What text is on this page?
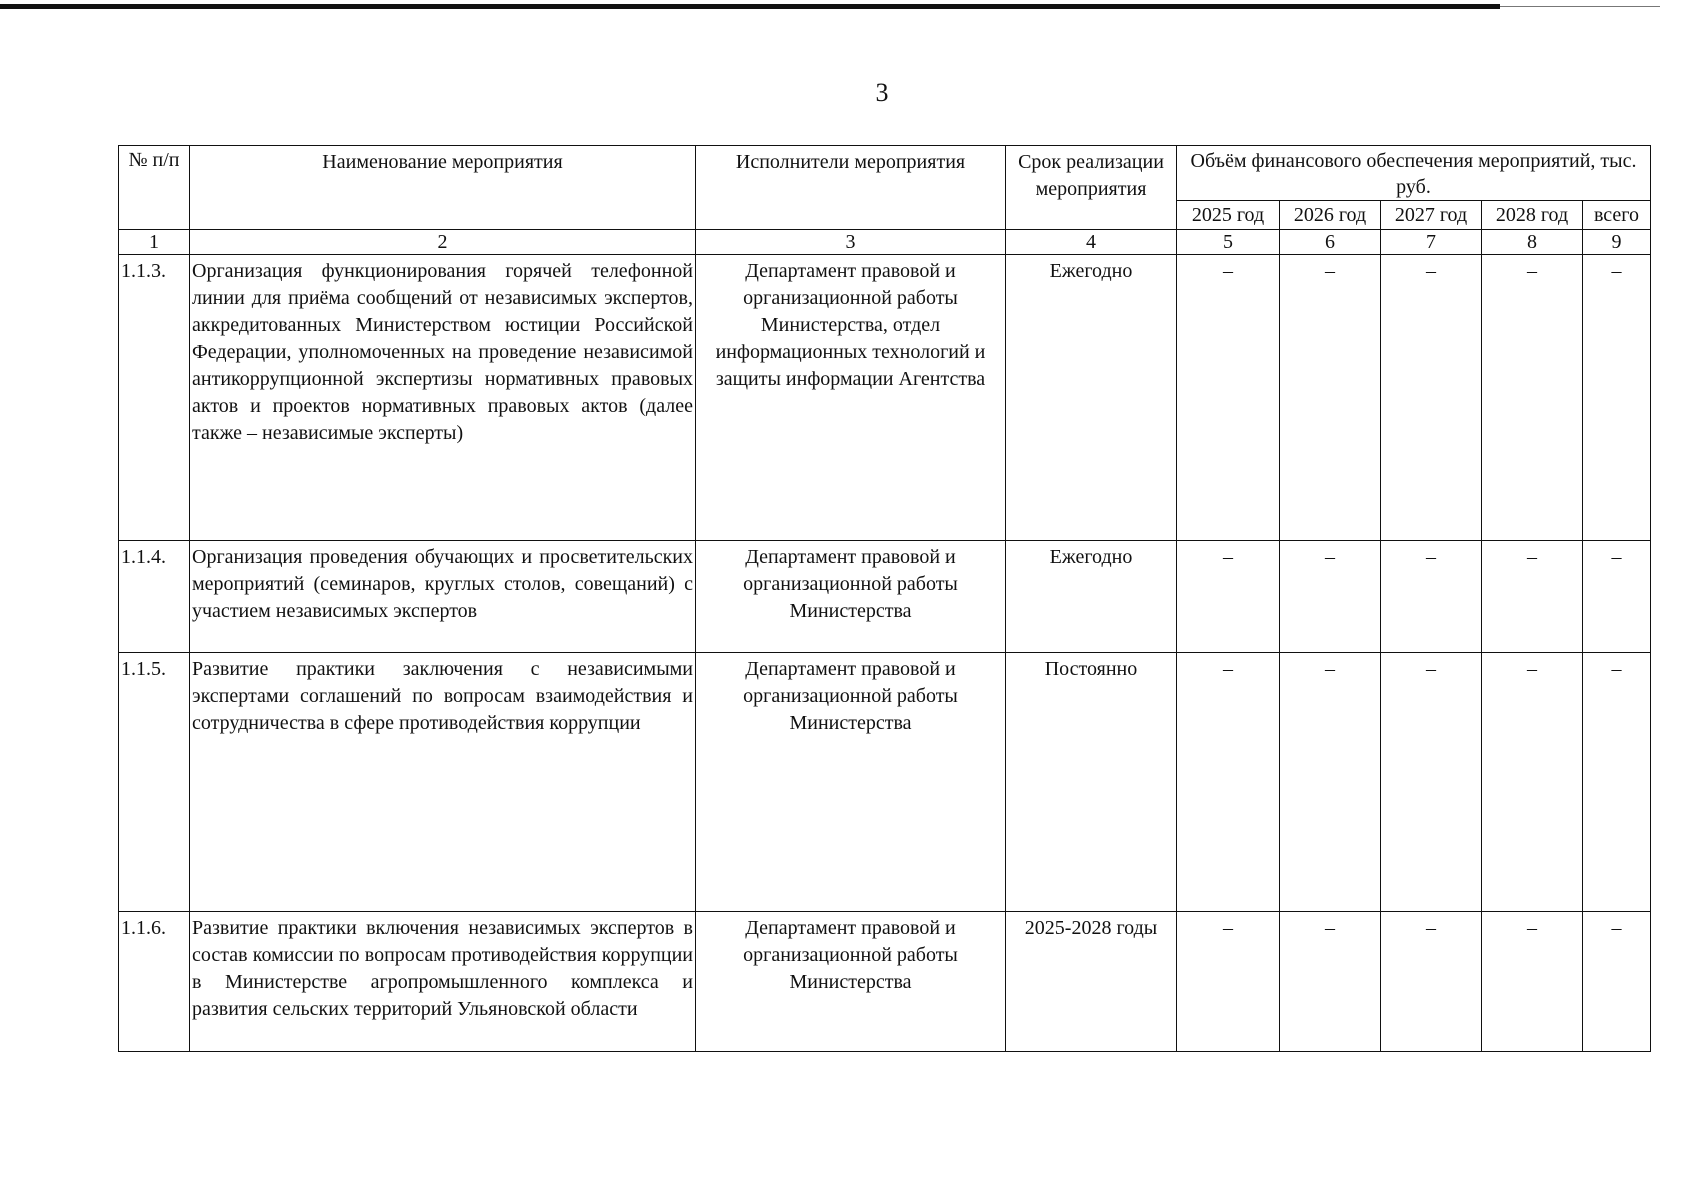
3
№ п/п	Наименование мероприятия	Исполнители мероприятия	Срок реализации мероприятия	Объём финансового обеспечения мероприятий, тыс. руб.				
				2025 год	2026 год	2027 год	2028 год	всего
1	2	3	4	5	6	7	8	9
1.1.3.	Организация функционирования горячей телефонной линии для приёма сообщений от независимых экспертов, аккредитованных Министерством юстиции Российской Федерации, уполномоченных на проведение независимой антикоррупционной экспертизы нормативных правовых актов и проектов нормативных правовых актов (далее также – независимые эксперты)	Департамент правовой и организационной работы Министерства, отдел информационных технологий и защиты информации Агентства	Ежегодно	–	–	–	–	–
1.1.4.	Организация проведения обучающих и просветительских мероприятий (семинаров, круглых столов, совещаний) с участием независимых экспертов	Департамент правовой и организационной работы Министерства	Ежегодно	–	–	–	–	–
1.1.5.	Развитие практики заключения с независимыми экспертами соглашений по вопросам взаимодействия и сотрудничества в сфере противодействия коррупции	Департамент правовой и организационной работы Министерства	Постоянно	–	–	–	–	–
1.1.6.	Развитие практики включения независимых экспертов в состав комиссии по вопросам противодействия коррупции в Министерстве агропромышленного комплекса и развития сельских территорий Ульяновской области	Департамент правовой и организационной работы Министерства	2025-2028 годы	–	–	–	–	–
